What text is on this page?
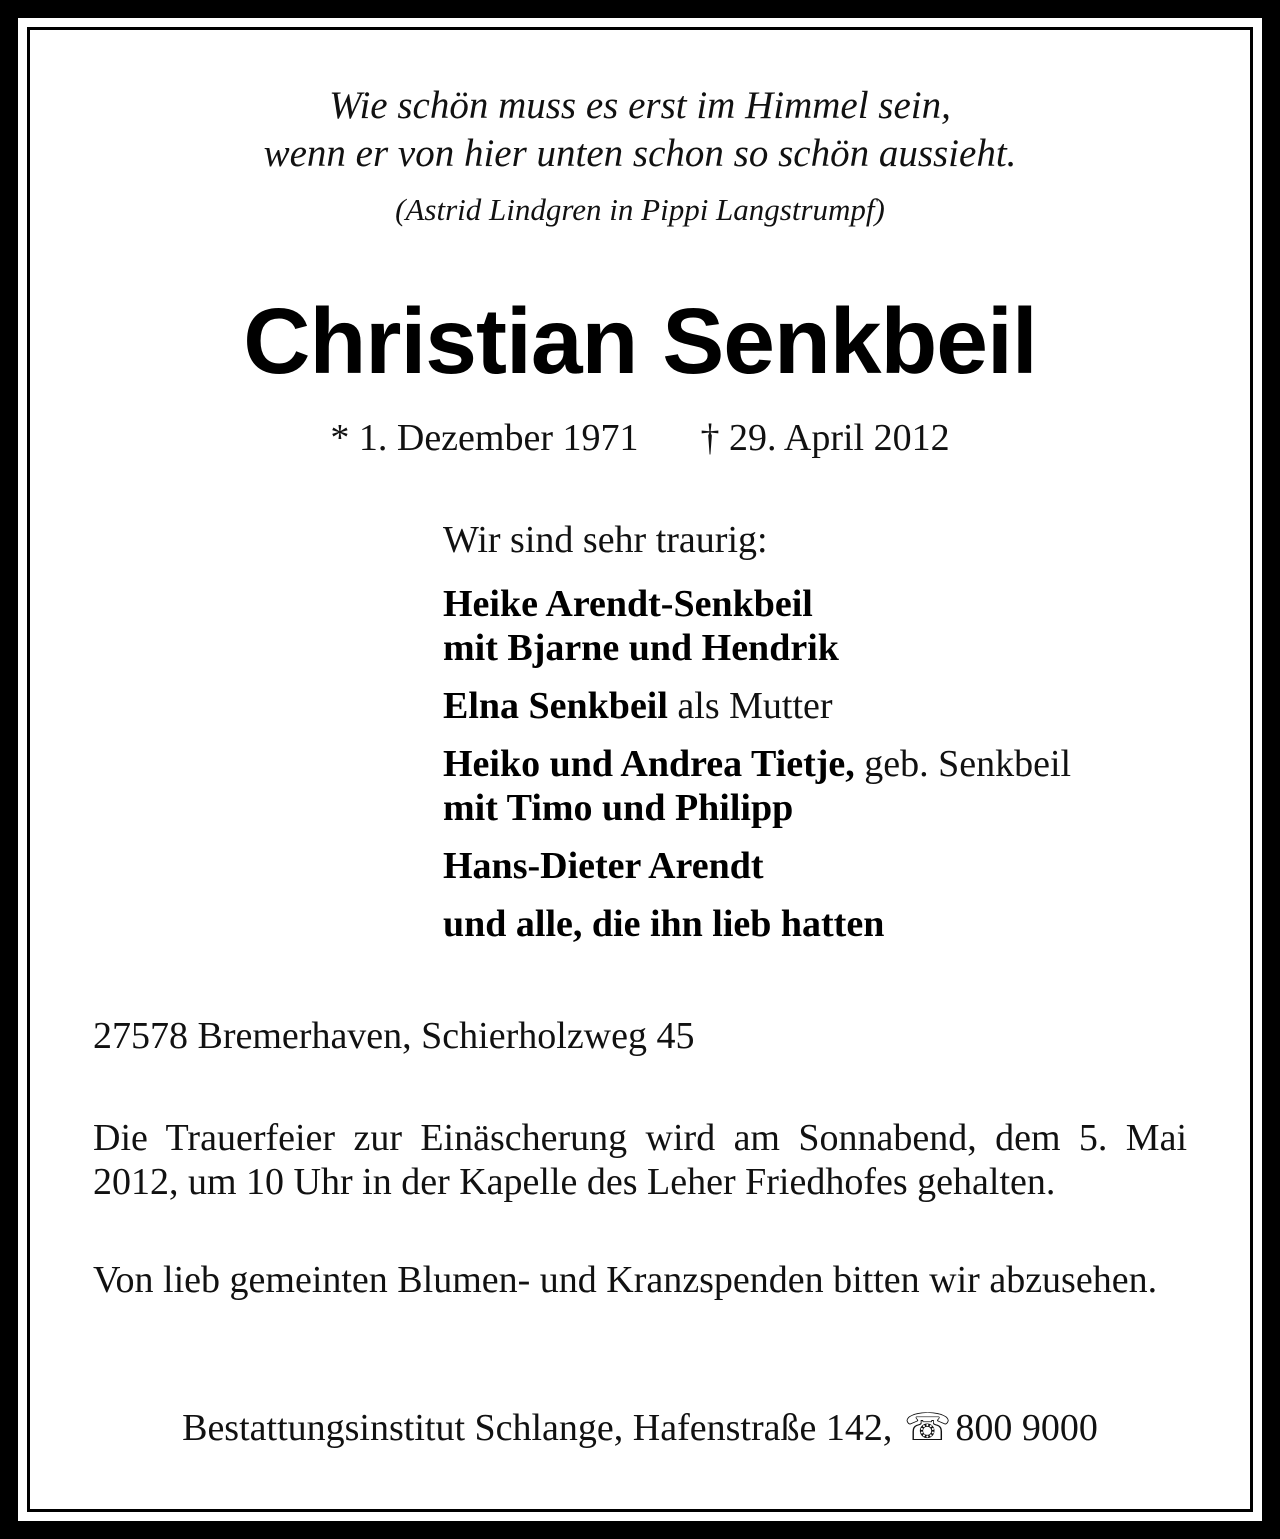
Wie schön muss es erst im Himmel sein,
wenn er von hier unten schon so schön aussieht.
(Astrid Lindgren in Pippi Langstrumpf)
Christian Senkbeil
* 1. Dezember 1971 † 29. April 2012
Wir sind sehr traurig:
Heike Arendt-Senkbeil
mit Bjarne und Hendrik
Elna Senkbeil als Mutter
Heiko und Andrea Tietje, geb. Senkbeil
mit Timo und Philipp
Hans-Dieter Arendt
und alle, die ihn lieb hatten
27578 Bremerhaven, Schierholzweg 45
Die Trauerfeier zur Einäscherung wird am Sonnabend, dem 5. Mai 2012, um 10 Uhr in der Kapelle des Leher Friedhofes gehalten.
Von lieb gemeinten Blumen- und Kranzspenden bitten wir abzusehen.
Bestattungsinstitut Schlange, Hafenstraße 142, ☏ 800 9000
